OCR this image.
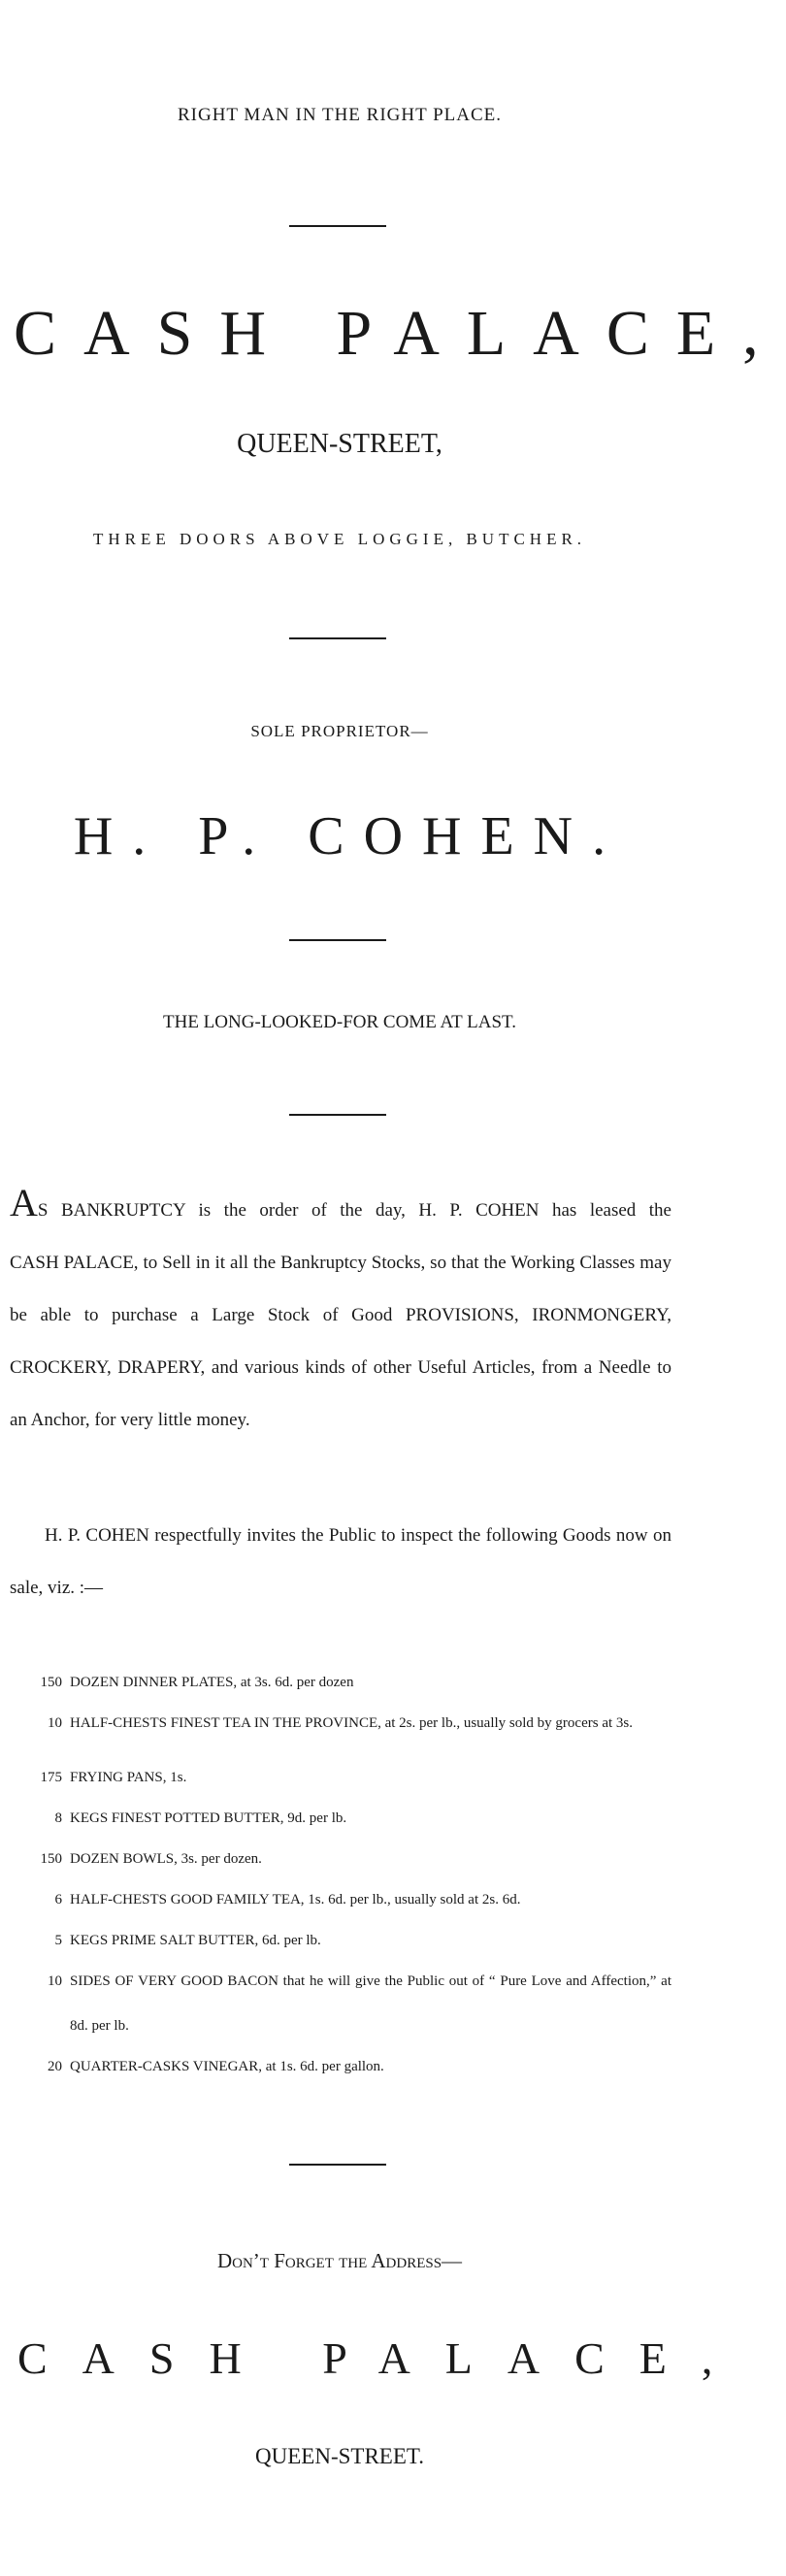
RIGHT MAN IN THE RIGHT PLACE.
CASH PALACE,
QUEEN-STREET,
THREE DOORS ABOVE LOGGIE, BUTCHER.
SOLE PROPRIETOR—
H. P. COHEN.
THE LONG-LOOKED-FOR COME AT LAST.
AS BANKRUPTCY is the order of the day, H. P. COHEN has leased the
CASH PALACE, to Sell in it all the Bankruptcy Stocks, so that the Working Classes may be able to purchase a Large Stock of Good PROVISIONS, IRONMONGERY, CROCKERY, DRAPERY, and various kinds of other Useful Articles, from a Needle to an Anchor, for very little money.
H. P. COHEN respectfully invites the Public to inspect the following Goods now on sale, viz. :—
150 DOZEN DINNER PLATES, at 3s. 6d. per dozen
10 HALF-CHESTS FINEST TEA IN THE PROVINCE, at 2s. per lb., usually sold by grocers at 3s.
175 FRYING PANS, 1s.
8 KEGS FINEST POTTED BUTTER, 9d. per lb.
150 DOZEN BOWLS, 3s. per dozen.
6 HALF-CHESTS GOOD FAMILY TEA, 1s. 6d. per lb., usually sold at 2s. 6d.
5 KEGS PRIME SALT BUTTER, 6d. per lb.
10 SIDES OF VERY GOOD BACON that he will give the Public out of “ Pure Love and Affection,” at 8d. per lb.
20 QUARTER-CASKS VINEGAR, at 1s. 6d. per gallon.
Don’t Forget the Address—
CASH PALACE,
QUEEN-STREET.
